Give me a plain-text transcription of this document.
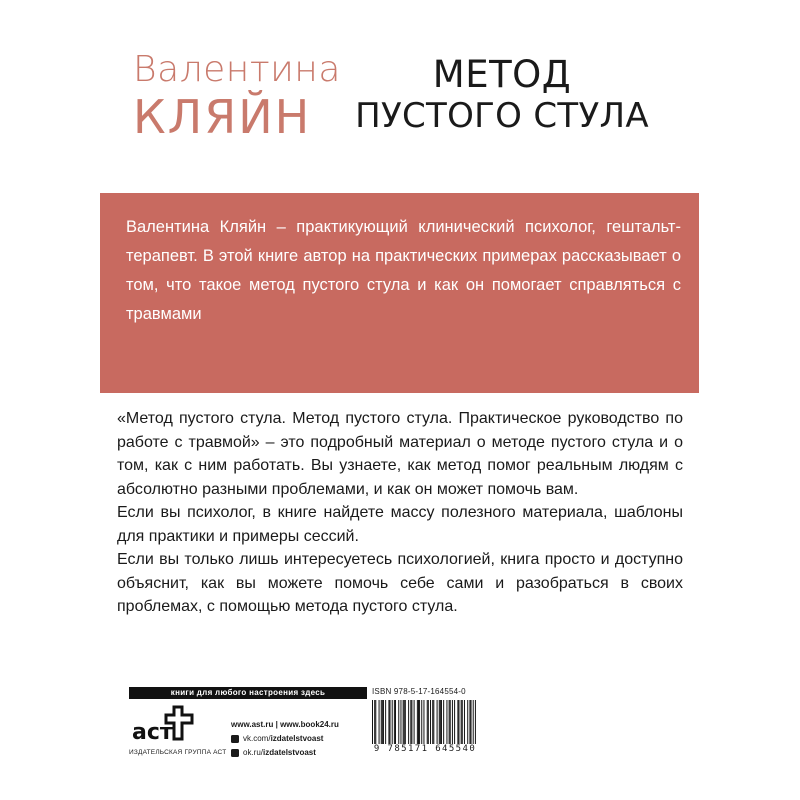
Валентина
КЛЯЙН
МЕТОД
ПУСТОГО СТУЛА

Валентина Кляйн – практикующий клинический психолог, гештальт-терапевт. В этой книге автор на практических примерах рассказывает о том, что такое метод пустого стула и как он помогает справляться с травмами

«Метод пустого стула. Метод пустого стула. Практическое руководство по работе с травмой» – это подробный материал о методе пустого стула и о том, как с ним работать. Вы узнаете, как метод помог реальным людям с абсолютно разными проблемами, и как он может помочь вам.

Если вы психолог, в книге найдете массу полезного материала, шаблоны для практики и примеры сессий.

Если вы только лишь интересуетесь психологией, книга просто и доступно объяснит, как вы можете помочь себе сами и разобраться в своих проблемах, с помощью метода пустого стула.

книги для любого настроения здесь
аст
ИЗДАТЕЛЬСКАЯ ГРУППА АСТ
www.ast.ru | www.book24.ru
vk.com/ izdatelstvoast
ok.ru/ izdatelstvoast
ISBN 978-5-17-164554-0
9 785171 645540
